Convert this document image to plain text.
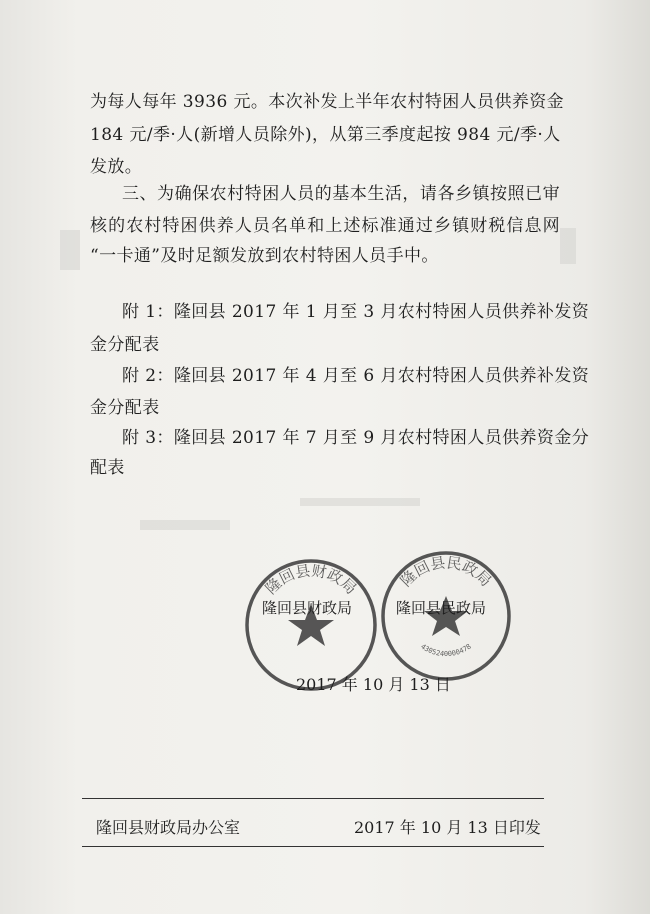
为每人每年 3936 元。本次补发上半年农村特困人员供养资金
184 元/季·人(新增人员除外)，从第三季度起按 984 元/季·人
发放。
三、为确保农村特困人员的基本生活，请各乡镇按照已审
核的农村特困供养人员名单和上述标准通过乡镇财税信息网
“一卡通”及时足额发放到农村特困人员手中。
附 1：隆回县 2017 年 1 月至 3 月农村特困人员供养补发资
金分配表
附 2：隆回县 2017 年 4 月至 6 月农村特困人员供养补发资
金分配表
附 3：隆回县 2017 年 7 月至 9 月农村特困人员供养资金分
配表
隆回县财政局 隆回县民政局
4305240000478
隆回县财政局	隆回县民政局
2017 年 10 月 13 日
隆回县财政局办公室	2017 年 10 月 13 日印发
